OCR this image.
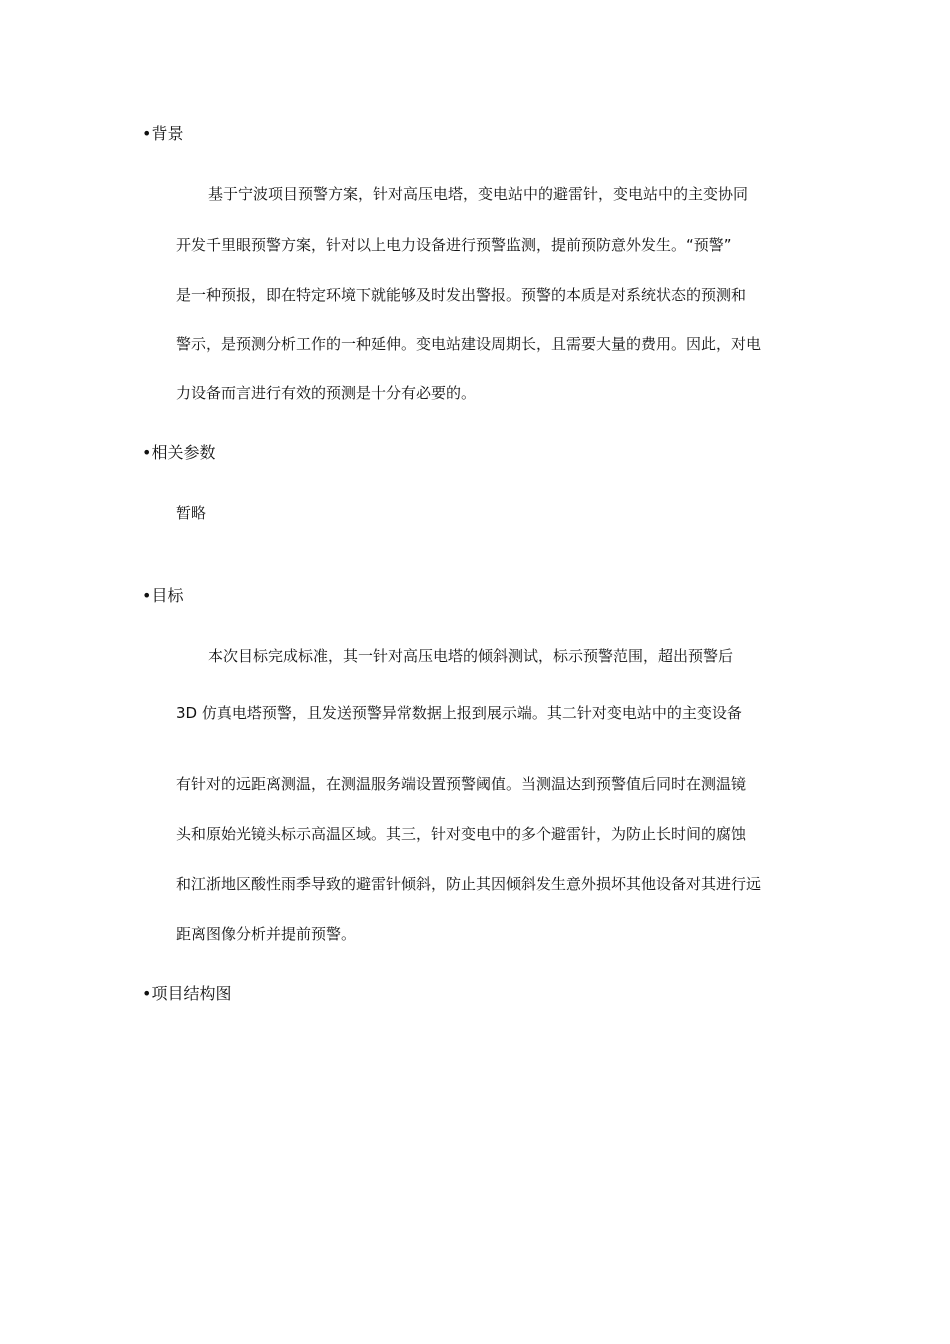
•背景
基于宁波项目预警方案，针对高压电塔，变电站中的避雷针，变电站中的主变协同
开发千里眼预警方案，针对以上电力设备进行预警监测，提前预防意外发生。“预警”
是一种预报，即在特定环境下就能够及时发出警报。预警的本质是对系统状态的预测和
警示，是预测分析工作的一种延伸。变电站建设周期长，且需要大量的费用。因此，对电
力设备而言进行有效的预测是十分有必要的。
•相关参数
暂略
•目标
本次目标完成标准，其一针对高压电塔的倾斜测试，标示预警范围，超出预警后
3D 仿真电塔预警，且发送预警异常数据上报到展示端。其二针对变电站中的主变设备
有针对的远距离测温，在测温服务端设置预警阈值。当测温达到预警值后同时在测温镜
头和原始光镜头标示高温区域。其三，针对变电中的多个避雷针，为防止长时间的腐蚀
和江浙地区酸性雨季导致的避雷针倾斜，防止其因倾斜发生意外损坏其他设备对其进行远
距离图像分析并提前预警。
•项目结构图
